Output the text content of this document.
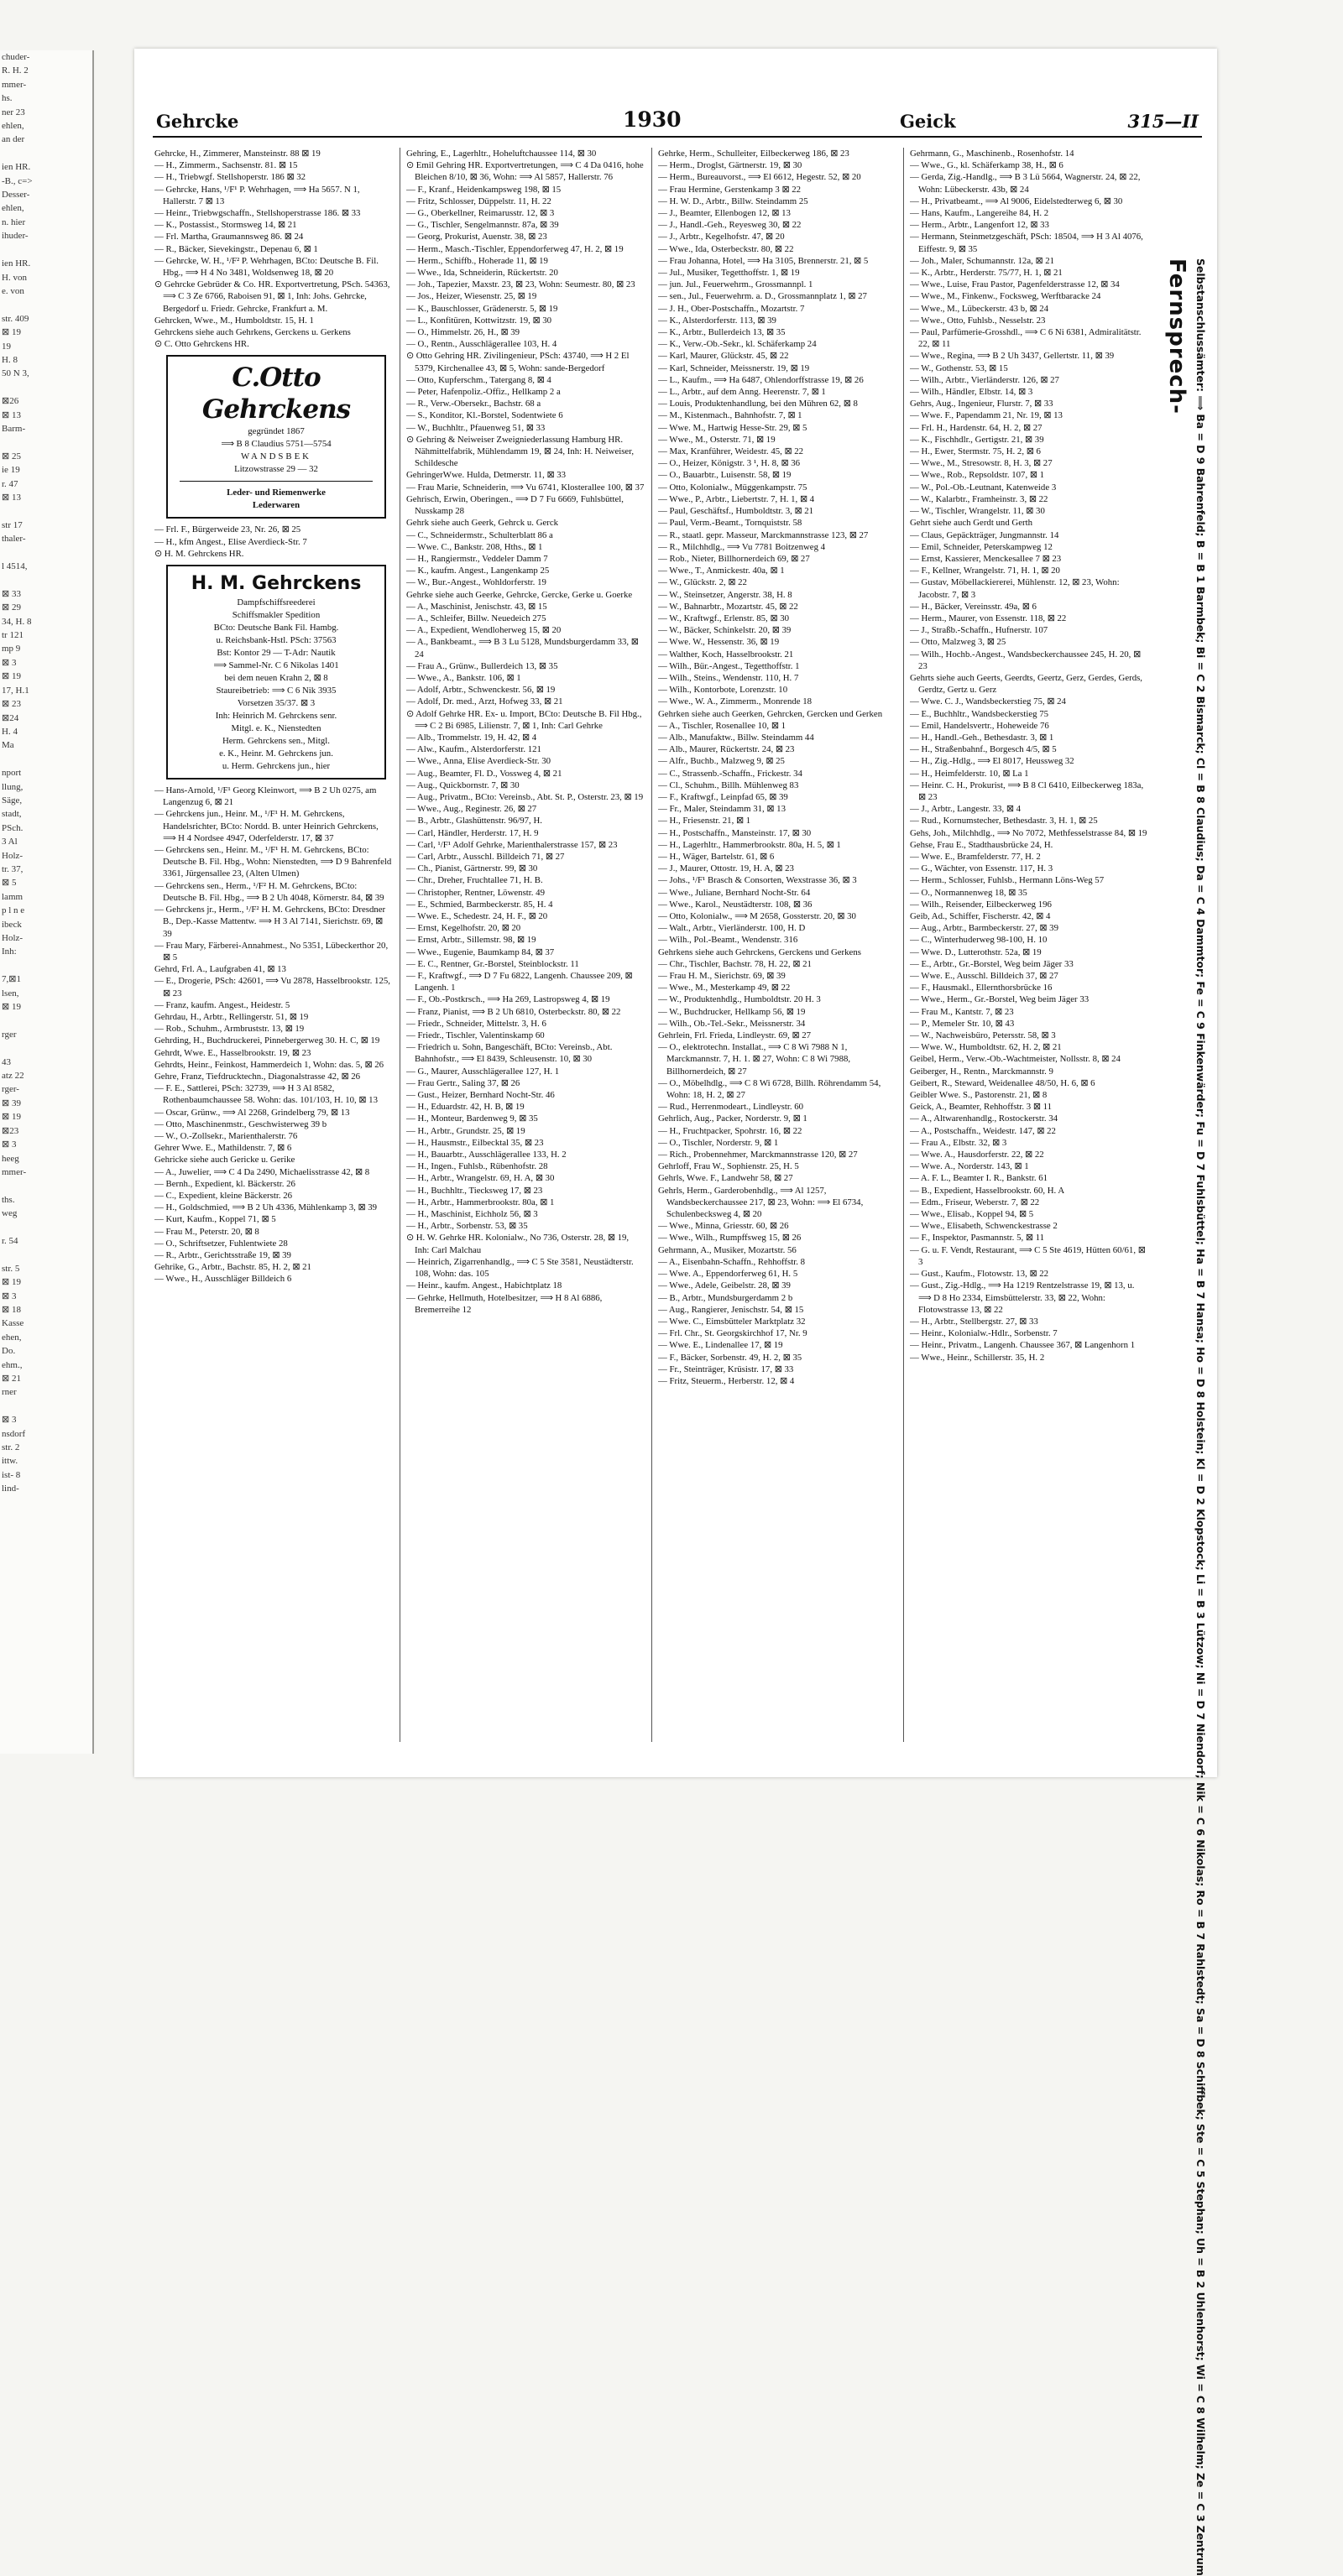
chuder-
R. H. 2
mmer-
hs.
ner 23
ehlen,
an der

ien HR.
-B., c=>
Desser-
ehlen,
n. hier
ihuder-

ien HR.
H. von
e. von

str. 409
⊠ 19
19
H. 8
50 N 3,

⊠26
⊠ 13
Barm-

⊠ 25
ie 19
r. 47
⊠ 13

str 17
thaler-

l 4514,

⊠ 33
⊠ 29
34, H. 8
tr 121
mp 9
⊠ 3
⊠ 19
17, H.1
⊠ 23
⊠24
H. 4
Ma

nport
llung,
Säge,
stadt,
PSch.
3 Al
Holz-
tr. 37,
⊠ 5
lamm
p l n e
ibeck
Holz-
Inh:

7,⊠1
lsen,
⊠ 19

rger

43
atz 22
rger-
⊠ 39
⊠ 19
⊠23
⊠ 3
heeg
mmer-

ths.
weg

r. 54

str. 5
⊠ 19
⊠ 3
⊠ 18
Kasse
ehen,
Do.
ehm.,
⊠ 21
rner

⊠ 3
nsdorf
str. 2
ittw.
ist- 8
lind-
Gehrcke	1930	Geick	315—II

Gehrcke, H., Zimmerer, Mansteinstr. 88 ⊠ 19

— H., Zimmerm., Sachsenstr. 81. ⊠ 15

— H., Triebwgf. Stellshoperstr. 186 ⊠ 32

— Gehrcke, Hans, ¹/F¹ P. Wehrhagen, ⟹ Ha 5657. N 1, Hallerstr. 7 ⊠ 13

— Heinr., Triebwgschaffn., Stellshoperstrasse 186. ⊠ 33

— K., Postassist., Stormsweg 14, ⊠ 21

— Frl. Martha, Graumannsweg 86. ⊠ 24

— R., Bäcker, Sievekingstr., Depenau 6, ⊠ 1

— Gehrcke, W. H., ¹/F² P. Wehrhagen, BCto: Deutsche B. Fil. Hbg., ⟹ H 4 No 3481, Woldsenweg 18, ⊠ 20

⊙ Gehrcke Gebrüder & Co. HR. Exportvertretung, PSch. 54363, ⟹ C 3 Ze 6766, Raboisen 91, ⊠ 1, Inh: Johs. Gehrcke, Bergedorf u. Friedr. Gehrcke, Frankfurt a. M.

Gehrcken, Wwe., M., Humboldtstr. 15, H. 1

Gehrckens siehe auch Gehrkens, Gerckens u. Gerkens

⊙ C. Otto Gehrckens HR.

C.Otto Gehrckens
gegründet 1867
⟹ B 8 Claudius 5751—5754
WANDSBEK
Litzowstrasse 29 — 32
Leder- und Riemenwerke
Lederwaren

— Frl. F., Bürgerweide 23, Nr. 26, ⊠ 25

— H., kfm Angest., Elise Averdieck-Str. 7

⊙ H. M. Gehrckens HR.

H. M. Gehrckens
Dampfschiffsreederei
Schiffsmakler Spedition
BCto: Deutsche Bank Fil. Hambg.
u. Reichsbank-Hstl. PSch: 37563
Bst: Kontor 29 — T-Adr: Nautik
⟹ Sammel-Nr. C 6 Nikolas 1401
bei dem neuen Krahn 2, ⊠ 8
Staureibetrieb: ⟹ C 6 Nik 3935
Vorsetzen 35/37. ⊠ 3
Inh: Heinrich M. Gehrckens senr.
Mitgl. e. K., Nienstedten
Herm. Gehrckens sen., Mitgl.
e. K., Heinr. M. Gehrckens jun.
u. Herm. Gehrckens jun., hier

— Hans-Arnold, ¹/F¹ Georg Kleinwort, ⟹ B 2 Uh 0275, am Langenzug 6, ⊠ 21

— Gehrckens jun., Heinr. M., ¹/F¹ H. M. Gehrckens, Handelsrichter, BCto: Nordd. B. unter Heinrich Gehrckens, ⟹ H 4 Nordsee 4947, Oderfelderstr. 17, ⊠ 37

— Gehrckens sen., Heinr. M., ¹/F¹ H. M. Gehrckens, BCto: Deutsche B. Fil. Hbg., Wohn: Nienstedten, ⟹ D 9 Bahrenfeld 3361, Jürgensallee 23, (Alten Ulmen)

— Gehrckens sen., Herm., ¹/F² H. M. Gehrckens, BCto: Deutsche B. Fil. Hbg., ⟹ B 2 Uh 4048, Körnerstr. 84, ⊠ 39

— Gehrckens jr., Herm., ¹/F² H. M. Gehrckens, BCto: Dresdner B., Dep.-Kasse Mattentw. ⟹ H 3 Al 7141, Sierichstr. 69, ⊠ 39

— Frau Mary, Färberei-Annahmest., No 5351, Lübeckerthor 20, ⊠ 5

Gehrd, Frl. A., Laufgraben 41, ⊠ 13

— E., Drogerie, PSch: 42601, ⟹ Vu 2878, Hasselbrookstr. 125, ⊠ 23

— Franz, kaufm. Angest., Heidestr. 5

Gehrdau, H., Arbtr., Rellingerstr. 51, ⊠ 19

— Rob., Schuhm., Armbruststr. 13, ⊠ 19

Gehrding, H., Buchdruckerei, Pinnebergerweg 30. H. C, ⊠ 19

Gehrdt, Wwe. E., Hasselbrookstr. 19, ⊠ 23

Gehrdts, Heinr., Feinkost, Hammerdeich 1, Wohn: das. 5, ⊠ 26

Gehre, Franz, Tiefdrucktechn., Diagonalstrasse 42, ⊠ 26

— F. E., Sattlerei, PSch: 32739, ⟹ H 3 Al 8582, Rothenbaumchaussee 58. Wohn: das. 101/103, H. 10, ⊠ 13

— Oscar, Grünw., ⟹ Al 2268, Grindelberg 79, ⊠ 13

— Otto, Maschinenmstr., Geschwisterweg 39 b

— W., O.-Zollsekr., Marienthalerstr. 76

Gehrer Wwe. E., Mathildenstr. 7, ⊠ 6

Gehricke siehe auch Gericke u. Gerike

— A., Juwelier, ⟹ C 4 Da 2490, Michaelisstrasse 42, ⊠ 8

— Bernh., Expedient, kl. Bäckerstr. 26

— C., Expedient, kleine Bäckerstr. 26

— H., Goldschmied, ⟹ B 2 Uh 4336, Mühlenkamp 3, ⊠ 39

— Kurt, Kaufm., Koppel 71, ⊠ 5

— Frau M., Peterstr. 20, ⊠ 8

— O., Schriftsetzer, Fuhlentwiete 28

— R., Arbtr., Gerichtsstraße 19, ⊠ 39

Gehrike, G., Arbtr., Bachstr. 85, H. 2, ⊠ 21

— Wwe., H., Ausschläger Billdeich 6

Gehring, E., Lagerhltr., Hoheluftchaussee 114, ⊠ 30

⊙ Emil Gehring HR. Exportvertretungen, ⟹ C 4 Da 0416, hohe Bleichen 8/10, ⊠ 36, Wohn: ⟹ Al 5857, Hallerstr. 76

— F., Kranf., Heidenkampsweg 198, ⊠ 15

— Fritz, Schlosser, Düppelstr. 11, H. 22

— G., Oberkellner, Reimarusstr. 12, ⊠ 3

— G., Tischler, Sengelmannstr. 87a, ⊠ 39

— Georg, Prokurist, Auenstr. 38, ⊠ 23

— Herm., Masch.-Tischler, Eppendorferweg 47, H. 2, ⊠ 19

— Herm., Schiffb., Hoherade 11, ⊠ 19

— Wwe., Ida, Schneiderin, Rückertstr. 20

— Joh., Tapezier, Maxstr. 23, ⊠ 23, Wohn: Seumestr. 80, ⊠ 23

— Jos., Heizer, Wiesenstr. 25, ⊠ 19

— K., Bauschlosser, Grädenerstr. 5, ⊠ 19

— L., Konfitüren, Kottwitzstr. 19, ⊠ 30

— O., Himmelstr. 26, H., ⊠ 39

— O., Rentn., Ausschlägerallee 103, H. 4

⊙ Otto Gehring HR. Zivilingenieur, PSch: 43740, ⟹ H 2 El 5379, Kirchenallee 43, ⊠ 5, Wohn: sande-Bergedorf

— Otto, Kupferschm., Tatergang 8, ⊠ 4

— Peter, Hafenpoliz.-Offiz., Hellkamp 2 a

— R., Verw.-Obersekr., Bachstr. 68 a

— S., Konditor, Kl.-Borstel, Sodentwiete 6

— W., Buchhltr., Pfauenweg 51, ⊠ 33

⊙ Gehring & Neiweiser Zweigniederlassung Hamburg HR. Nähmittelfabrik, Mühlendamm 19, ⊠ 24, Inh: H. Neiweiser, Schildesche

GehringerWwe. Hulda, Detmerstr. 11, ⊠ 33

— Frau Marie, Schneiderin, ⟹ Vu 6741, Klosterallee 100, ⊠ 37

Gehrisch, Erwin, Oberingen., ⟹ D 7 Fu 6669, Fuhlsbüttel, Nusskamp 28

Gehrk siehe auch Geerk, Gehrck u. Gerck

— C., Schneidermstr., Schulterblatt 86 a

— Wwe. C., Bankstr. 208, Hths., ⊠ 1

— H., Rangiermstr., Veddeler Damm 7

— K., kaufm. Angest., Langenkamp 25

— W., Bur.-Angest., Wohldorferstr. 19

Gehrke siehe auch Geerke, Gehrcke, Gercke, Gerke u. Goerke

— A., Maschinist, Jenischstr. 43, ⊠ 15

— A., Schleifer, Billw. Neuedeich 275

— A., Expedient, Wendloherweg 15, ⊠ 20

— A., Bankbeamt., ⟹ B 3 Lu 5128, Mundsburgerdamm 33, ⊠ 24

— Frau A., Grünw., Bullerdeich 13, ⊠ 35

— Wwe., A., Bankstr. 106, ⊠ 1

— Adolf, Arbtr., Schwenckestr. 56, ⊠ 19

— Adolf, Dr. med., Arzt, Hofweg 33, ⊠ 21

⊙ Adolf Gehrke HR. Ex- u. Import, BCto: Deutsche B. Fil Hbg., ⟹ C 2 Bi 6985, Lilienstr. 7, ⊠ 1, Inh: Carl Gehrke

— Alb., Trommelstr. 19, H. 42, ⊠ 4

— Alw., Kaufm., Alsterdorferstr. 121

— Wwe., Anna, Elise Averdieck-Str. 30

— Aug., Beamter, Fl. D., Vossweg 4, ⊠ 21

— Aug., Quickbornstr. 7, ⊠ 30

— Aug., Privatm., BCto: Vereinsb., Abt. St. P., Osterstr. 23, ⊠ 19

— Wwe., Aug., Reginestr. 26, ⊠ 27

— B., Arbtr., Glashüttenstr. 96/97, H.

— Carl, Händler, Herderstr. 17, H. 9

— Carl, ¹/F¹ Adolf Gehrke, Marienthalerstrasse 157, ⊠ 23

— Carl, Arbtr., Ausschl. Billdeich 71, ⊠ 27

— Ch., Pianist, Gärtnerstr. 99, ⊠ 30

— Chr., Dreher, Fruchtallee 71, H. B.

— Christopher, Rentner, Löwenstr. 49

— E., Schmied, Barmbeckerstr. 85, H. 4

— Wwe. E., Schedestr. 24, H. F., ⊠ 20

— Ernst, Kegelhofstr. 20, ⊠ 20

— Ernst, Arbtr., Sillemstr. 98, ⊠ 19

— Wwe., Eugenie, Baumkamp 84, ⊠ 37

— E. C., Rentner, Gr.-Borstel, Steinblockstr. 11

— F., Kraftwgf., ⟹ D 7 Fu 6822, Langenh. Chaussee 209, ⊠ Langenh. 1

— F., Ob.-Postkrsch., ⟹ Ha 269, Lastropsweg 4, ⊠ 19

— Franz, Pianist, ⟹ B 2 Uh 6810, Osterbeckstr. 80, ⊠ 22

— Friedr., Schneider, Mittelstr. 3, H. 6

— Friedr., Tischler, Valentinskamp 60

— Friedrich u. Sohn, Bangeschäft, BCto: Vereinsb., Abt. Bahnhofstr., ⟹ El 8439, Schleusenstr. 10, ⊠ 30

— G., Maurer, Ausschlägerallee 127, H. 1

— Frau Gertr., Saling 37, ⊠ 26

— Gust., Heizer, Bernhard Nocht-Str. 46

— H., Eduardstr. 42, H. B, ⊠ 19

— H., Monteur, Bardenweg 9, ⊠ 35

— H., Arbtr., Grundstr. 25, ⊠ 19

— H., Hausmstr., Eilbecktal 35, ⊠ 23

— H., Bauarbtr., Ausschlägerallee 133, H. 2

— H., Ingen., Fuhlsb., Rübenhofstr. 28

— H., Arbtr., Wrangelstr. 69, H. A, ⊠ 30

— H., Buchhltr., Tiecksweg 17, ⊠ 23

— H., Arbtr., Hammerbrookstr. 80a, ⊠ 1

— H., Maschinist, Eichholz 56, ⊠ 3

— H., Arbtr., Sorbenstr. 53, ⊠ 35

⊙ H. W. Gehrke HR. Kolonialw., No 736, Osterstr. 28, ⊠ 19, Inh: Carl Malchau

— Heinrich, Zigarrenhandlg., ⟹ C 5 Ste 3581, Neustädterstr. 108, Wohn: das. 105

— Heinr., kaufm. Angest., Habichtplatz 18

— Gehrke, Hellmuth, Hotelbesitzer, ⟹ H 8 Al 6886, Bremerreihe 12

Gehrke, Herm., Schulleiter, Eilbeckerweg 186, ⊠ 23

— Herm., Droglst, Gärtnerstr. 19, ⊠ 30

— Herm., Bureauvorst., ⟹ El 6612, Hegestr. 52, ⊠ 20

— Frau Hermine, Gerstenkamp 3 ⊠ 22

— H. W. D., Arbtr., Billw. Steindamm 25

— J., Beamter, Ellenbogen 12, ⊠ 13

— J., Handl.-Geh., Reyesweg 30, ⊠ 22

— J., Arbtr., Kegelhofstr. 47, ⊠ 20

— Wwe., Ida, Osterbeckstr. 80, ⊠ 22

— Frau Johanna, Hotel, ⟹ Ha 3105, Brennerstr. 21, ⊠ 5

— Jul., Musiker, Tegetthoffstr. 1, ⊠ 19

— jun. Jul., Feuerwehrm., Grossmannpl. 1

— sen., Jul., Feuerwehrm. a. D., Grossmannplatz 1, ⊠ 27

— J. H., Ober-Postschaffn., Mozartstr. 7

— K., Alsterdorferstr. 113, ⊠ 39

— K., Arbtr., Bullerdeich 13, ⊠ 35

— K., Verw.-Ob.-Sekr., kl. Schäferkamp 24

— Karl, Maurer, Glückstr. 45, ⊠ 22

— Karl, Schneider, Meissnerstr. 19, ⊠ 19

— L., Kaufm., ⟹ Ha 6487, Ohlendorffstrasse 19, ⊠ 26

— L., Arbtr., auf dem Anng. Heerenstr. 7, ⊠ 1

— Louis, Produktenhandlung, bei den Mühren 62, ⊠ 8

— M., Kistenmach., Bahnhofstr. 7, ⊠ 1

— Wwe. M., Hartwig Hesse-Str. 29, ⊠ 5

— Wwe., M., Osterstr. 71, ⊠ 19

— Max, Kranführer, Weidestr. 45, ⊠ 22

— O., Heizer, Königstr. 3 ¹, H. 8, ⊠ 36

— O., Bauarbtr., Luisenstr. 58, ⊠ 19

— Otto, Kolonialw., Müggenkampstr. 75

— Wwe., P., Arbtr., Liebertstr. 7, H. 1, ⊠ 4

— Paul, Geschäftsf., Humboldtstr. 3, ⊠ 21

— Paul, Verm.-Beamt., Tornquiststr. 58

— R., staatl. gepr. Masseur, Marckmannstrasse 123, ⊠ 27

— R., Milchhdlg., ⟹ Vu 7781 Boitzenweg 4

— Rob., Nieter, Billhornerdeich 69, ⊠ 27

— Wwe., T., Anmickestr. 40a, ⊠ 1

— W., Glückstr. 2, ⊠ 22

— W., Steinsetzer, Angerstr. 38, H. 8

— W., Bahnarbtr., Mozartstr. 45, ⊠ 22

— W., Kraftwgf., Erlenstr. 85, ⊠ 30

— W., Bäcker, Schinkelstr. 20, ⊠ 39

— Wwe. W., Hessenstr. 36, ⊠ 19

— Walther, Koch, Hasselbrookstr. 21

— Wilh., Bür.-Angest., Tegetthoffstr. 1

— Wilh., Steins., Wendenstr. 110, H. 7

— Wilh., Kontorbote, Lorenzstr. 10

— Wwe., W. A., Zimmerm., Monrende 18

Gehrken siehe auch Geerken, Gehrcken, Gercken und Gerken

— A., Tischler, Rosenallee 10, ⊠ 1

— Alb., Manufaktw., Billw. Steindamm 44

— Alb., Maurer, Rückertstr. 24, ⊠ 23

— Alfr., Buchb., Malzweg 9, ⊠ 25

— C., Strassenb.-Schaffn., Frickestr. 34

— Cl., Schuhm., Billh. Mühlenweg 83

— F., Kraftwgf., Leinpfad 65, ⊠ 39

— Fr., Maler, Steindamm 31, ⊠ 13

— H., Friesenstr. 21, ⊠ 1

— H., Postschaffn., Mansteinstr. 17, ⊠ 30

— H., Lagerhltr., Hammerbrookstr. 80a, H. 5, ⊠ 1

— H., Wäger, Bartelstr. 61, ⊠ 6

— J., Maurer, Ottostr. 19, H. A, ⊠ 23

— Johs., ¹/F¹ Brasch & Consorten, Wexstrasse 36, ⊠ 3

— Wwe., Juliane, Bernhard Nocht-Str. 64

— Wwe., Karol., Neustädterstr. 108, ⊠ 36

— Otto, Kolonialw., ⟹ M 2658, Gossterstr. 20, ⊠ 30

— Walt., Arbtr., Vierländerstr. 100, H. D

— Wilh., Pol.-Beamt., Wendenstr. 316

Gehrkens siehe auch Gehrckens, Gerckens und Gerkens

— Chr., Tischler, Bachstr. 78, H. 22, ⊠ 21

— Frau H. M., Sierichstr. 69, ⊠ 39

— Wwe., M., Mesterkamp 49, ⊠ 22

— W., Produktenhdlg., Humboldtstr. 20 H. 3

— W., Buchdrucker, Hellkamp 56, ⊠ 19

— Wilh., Ob.-Tel.-Sekr., Meissnerstr. 34

Gehrlein, Frl. Frieda, Lindleystr. 69, ⊠ 27

— O., elektrotechn. Installat., ⟹ C 8 Wi 7988 N 1, Marckmannstr. 7, H. 1. ⊠ 27, Wohn: C 8 Wi 7988, Billhornerdeich, ⊠ 27

— O., Möbelhdlg., ⟹ C 8 Wi 6728, Billh. Röhrendamm 54, Wohn: 18, H. 2, ⊠ 27

— Rud., Herrenmodeart., Lindleystr. 60

Gehrlich, Aug., Packer, Norderstr. 9, ⊠ 1

— H., Fruchtpacker, Spohrstr. 16, ⊠ 22

— O., Tischler, Norderstr. 9, ⊠ 1

— Rich., Probennehmer, Marckmannstrasse 120, ⊠ 27

Gehrloff, Frau W., Sophienstr. 25, H. 5

Gehrls, Wwe. F., Landwehr 58, ⊠ 27

Gehrls, Herm., Garderobenhdlg., ⟹ Al 1257, Wandsbeckerchaussee 217, ⊠ 23, Wohn: ⟹ El 6734, Schulenbecksweg 4, ⊠ 20

— Wwe., Minna, Griesstr. 60, ⊠ 26

— Wwe., Wilh., Rumpffsweg 15, ⊠ 26

Gehrmann, A., Musiker, Mozartstr. 56

— A., Eisenbahn-Schaffn., Rehhoffstr. 8

— Wwe. A., Eppendorferweg 61, H. 5

— Wwe., Adele, Geibelstr. 28, ⊠ 39

— B., Arbtr., Mundsburgerdamm 2 b

— Aug., Rangierer, Jenischstr. 54, ⊠ 15

— Wwe. C., Eimsbütteler Marktplatz 32

— Frl. Chr., St. Georgskirchhof 17, Nr. 9

— Wwe. E., Lindenallee 17, ⊠ 19

— F., Bäcker, Sorbenstr. 49, H. 2, ⊠ 35

— Fr., Steinträger, Krüsistr. 17, ⊠ 33

— Fritz, Steuerm., Herberstr. 12, ⊠ 4

Gehrmann, G., Maschinenb., Rosenhofstr. 14

— Wwe., G., kl. Schäferkamp 38, H., ⊠ 6

— Gerda, Zig.-Handlg., ⟹ B 3 Lü 5664, Wagnerstr. 24, ⊠ 22, Wohn: Lübeckerstr. 43b, ⊠ 24

— H., Privatbeamt., ⟹ Al 9006, Eidelstedterweg 6, ⊠ 30

— Hans, Kaufm., Langereihe 84, H. 2

— Herm., Arbtr., Langenfort 12, ⊠ 33

— Hermann, Steinmetzgeschäft, PSch: 18504, ⟹ H 3 Al 4076, Eiffestr. 9, ⊠ 35

— Joh., Maler, Schumannstr. 12a, ⊠ 21

— K., Arbtr., Herderstr. 75/77, H. 1, ⊠ 21

— Wwe., Luise, Frau Pastor, Pagenfelderstrasse 12, ⊠ 34

— Wwe., M., Finkenw., Focksweg, Werftbaracke 24

— Wwe., M., Lübeckerstr. 43 b, ⊠ 24

— Wwe., Otto, Fuhlsb., Nesselstr. 23

— Paul, Parfümerie-Grosshdl., ⟹ C 6 Ni 6381, Admiralitätstr. 22, ⊠ 11

— Wwe., Regina, ⟹ B 2 Uh 3437, Gellertstr. 11, ⊠ 39

— W., Gothenstr. 53, ⊠ 15

— Wilh., Arbtr., Vierländerstr. 126, ⊠ 27

— Wilh., Händler, Elbstr. 14, ⊠ 3

Gehrs, Aug., Ingenieur, Flurstr. 7, ⊠ 33

— Wwe. F., Papendamm 21, Nr. 19, ⊠ 13

— Frl. H., Hardenstr. 64, H. 2, ⊠ 27

— K., Fischhdlr., Gertigstr. 21, ⊠ 39

— H., Ewer, Stermstr. 75, H. 2, ⊠ 6

— Wwe., M., Stresowstr. 8, H. 3, ⊠ 27

— Wwe., Rob., Repsoldstr. 107, ⊠ 1

— W., Pol.-Ob.-Leutnant, Katenweide 3

— W., Kalarbtr., Framheinstr. 3, ⊠ 22

— W., Tischler, Wrangelstr. 11, ⊠ 30

Gehrt siehe auch Gerdt und Gerth

— Claus, Gepäckträger, Jungmannstr. 14

— Emil, Schneider, Peterskampweg 12

— Ernst, Kassierer, Menckesallee 7 ⊠ 23

— F., Kellner, Wrangelstr. 71, H. 1, ⊠ 20

— Gustav, Möbellackiererei, Mühlenstr. 12, ⊠ 23, Wohn: Jacobstr. 7, ⊠ 3

— H., Bäcker, Vereinsstr. 49a, ⊠ 6

— Herm., Maurer, von Essenstr. 118, ⊠ 22

— J., Straßb.-Schaffn., Hufnerstr. 107

— Otto, Malzweg 3, ⊠ 25

— Wilh., Hochb.-Angest., Wandsbeckerchaussee 245, H. 20, ⊠ 23

Gehrts siehe auch Geerts, Geerdts, Geertz, Gerz, Gerdes, Gerds, Gerdtz, Gertz u. Gerz

— Wwe. C. J., Wandsbeckerstieg 75, ⊠ 24

— E., Buchhltr., Wandsbeckerstieg 75

— Emil, Handelsvertr., Hoheweide 76

— H., Handl.-Geh., Bethesdastr. 3, ⊠ 1

— H., Straßenbahnf., Borgesch 4/5, ⊠ 5

— H., Zig.-Hdlg., ⟹ El 8017, Heussweg 32

— H., Heimfelderstr. 10, ⊠ La 1

— Heinr. C. H., Prokurist, ⟹ B 8 Cl 6410, Eilbeckerweg 183a, ⊠ 23

— J., Arbtr., Langestr. 33, ⊠ 4

— Rud., Kornumstecher, Bethesdastr. 3, H. 1, ⊠ 25

Gehs, Joh., Milchhdlg., ⟹ No 7072, Methfesselstrasse 84, ⊠ 19

Gehse, Frau E., Stadthausbrücke 24, H.

— Wwe. E., Bramfelderstr. 77, H. 2

— G., Wächter, von Essenstr. 117, H. 3

— Herm., Schlosser, Fuhlsb., Hermann Löns-Weg 57

— O., Normannenweg 18, ⊠ 35

— Wilh., Reisender, Eilbeckerweg 196

Geib, Ad., Schiffer, Fischerstr. 42, ⊠ 4

— Aug., Arbtr., Barmbeckerstr. 27, ⊠ 39

— C., Winterhuderweg 98-100, H. 10

— Wwe. D., Lutterothstr. 52a, ⊠ 19

— E., Arbtr., Gr.-Borstel, Weg beim Jäger 33

— Wwe. E., Ausschl. Billdeich 37, ⊠ 27

— F., Hausmakl., Ellernthorsbrücke 16

— Wwe., Herm., Gr.-Borstel, Weg beim Jäger 33

— Frau M., Kantstr. 7, ⊠ 23

— P., Memeler Str. 10, ⊠ 43

— W., Nachweisbüro, Petersstr. 58, ⊠ 3

— Wwe. W., Humboldtstr. 62, H. 2, ⊠ 21

Geibel, Herm., Verw.-Ob.-Wachtmeister, Nollsstr. 8, ⊠ 24

Geiberger, H., Rentn., Marckmannstr. 9

Geibert, R., Steward, Weidenallee 48/50, H. 6, ⊠ 6

Geibler Wwe. S., Pastorenstr. 21, ⊠ 8

Geick, A., Beamter, Rehhoffstr. 3 ⊠ 11

— A., Altwarenhandlg., Rostockerstr. 34

— A., Postschaffn., Weidestr. 147, ⊠ 22

— Frau A., Elbstr. 32, ⊠ 3

— Wwe. A., Hausdorferstr. 22, ⊠ 22

— Wwe. A., Norderstr. 143, ⊠ 1

— A. F. L., Beamter I. R., Bankstr. 61

— B., Expedient, Hasselbrookstr. 60, H. A

— Edm., Friseur, Weberstr. 7, ⊠ 22

— Wwe., Elisab., Koppel 94, ⊠ 5

— Wwe., Elisabeth, Schwenckestrasse 2

— F., Inspektor, Pasmannstr. 5, ⊠ 11

— G. u. F. Vendt, Restaurant, ⟹ C 5 Ste 4619, Hütten 60/61, ⊠ 3

— Gust., Kaufm., Flotowstr. 13, ⊠ 22

— Gust., Zig.-Hdlg., ⟹ Ha 1219 Rentzelstrasse 19, ⊠ 13, u. ⟹ D 8 Ho 2334, Eimsbüttelerstr. 33, ⊠ 22, Wohn: Flotowstrasse 13, ⊠ 22

— H., Arbtr., Stellbergstr. 27, ⊠ 33

— Heinr., Kolonialw.-Hdlr., Sorbenstr. 7

— Heinr., Privatm., Langenh. Chaussee 367, ⊠ Langenhorn 1

— Wwe., Heinr., Schillerstr. 35, H. 2

Fernsprech- Selbstanschlussämter: ⟹ Ba = D 9 Bahrenfeld; B = B 1 Barmbek; Bi = C 2 Bismarck; Cl = B 8 Claudius; Da = C 4 Dammtor; Fe = C 9 Finkenwärder; Fu = D 7 Fuhlsbüttel; Ha = B 7 Hansa; Ho = D 8 Holstein; Kl = D 2 Klopstock; Li = B 3 Lützow; Ni = D 7 Niendorf; Nik = C 6 Nikolas; Ro = B 7 Rahlstedt; Sa = D 8 Schiffbek; Ste = C 5 Stephan; Uh = B 2 Uhlenhorst; Wi = C 8 Wilhelm; Ze = C 3 Zentrum
